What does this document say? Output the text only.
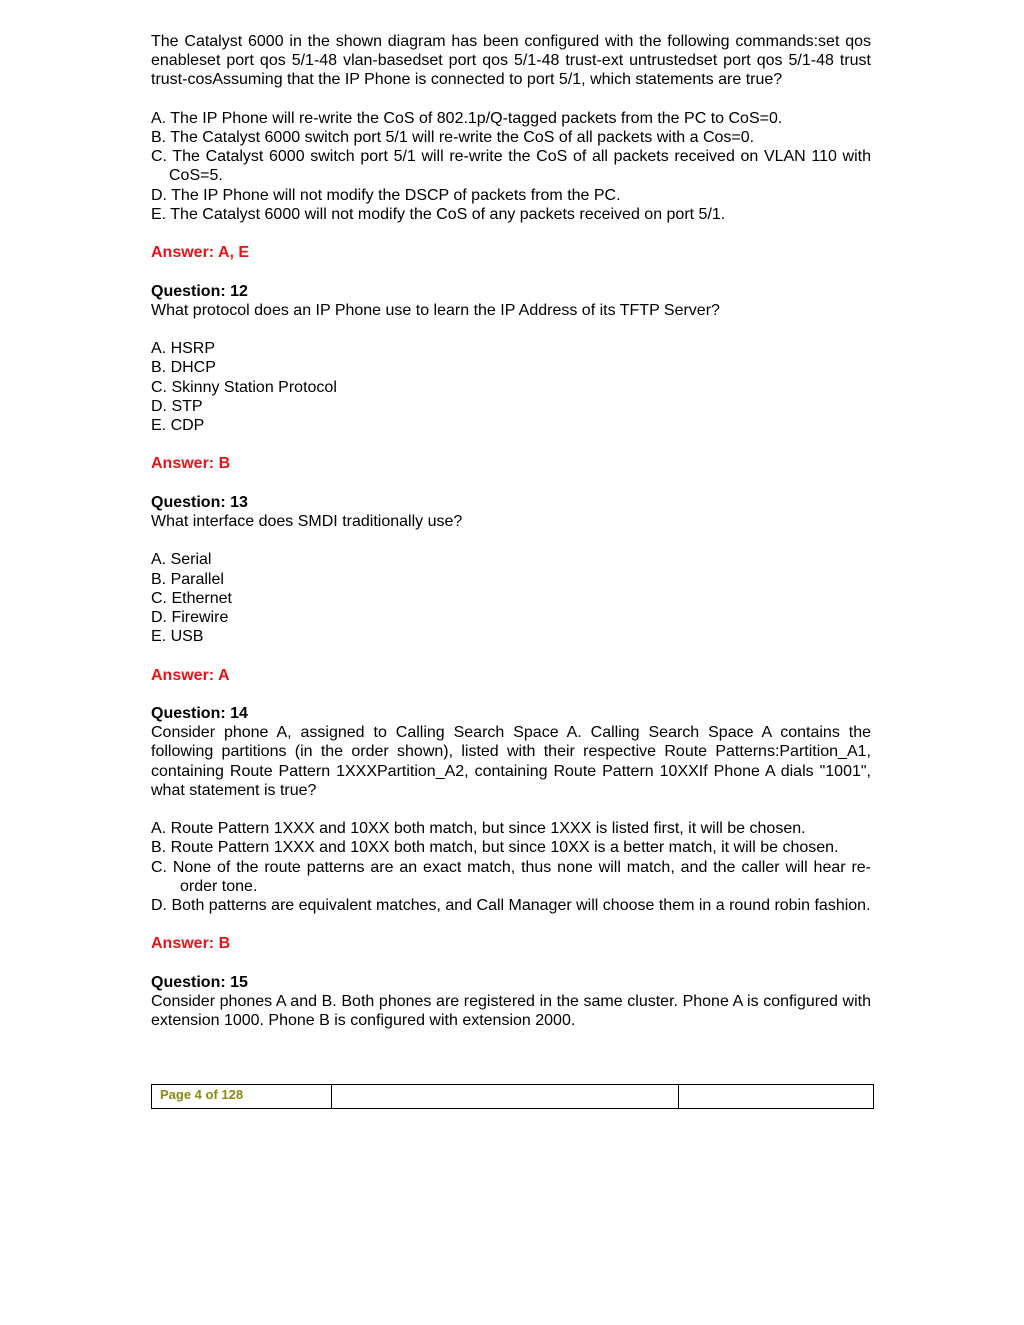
The Catalyst 6000 in the shown diagram has been configured with the following commands:set qos enableset port qos 5/1-48 vlan-basedset port qos 5/1-48 trust-ext untrustedset port qos 5/1-48 trust trust-cosAssuming that the IP Phone is connected to port 5/1, which statements are true?

A. The IP Phone will re-write the CoS of 802.1p/Q-tagged packets from the PC to CoS=0.

B. The Catalyst 6000 switch port 5/1 will re-write the CoS of all packets with a Cos=0.

C. The Catalyst 6000 switch port 5/1 will re-write the CoS of all packets received on VLAN 110 with CoS=5.

D. The IP Phone will not modify the DSCP of packets from the PC.

E. The Catalyst 6000 will not modify the CoS of any packets received on port 5/1.

Answer: A, E

Question: 12

What protocol does an IP Phone use to learn the IP Address of its TFTP Server?

A. HSRP

B. DHCP

C. Skinny Station Protocol

D. STP

E. CDP

Answer: B

Question: 13

What interface does SMDI traditionally use?

A. Serial

B. Parallel

C. Ethernet

D. Firewire

E. USB

Answer: A

Question: 14

Consider phone A, assigned to Calling Search Space A. Calling Search Space A contains the following partitions (in the order shown), listed with their respective Route Patterns:Partition_A1, containing Route Pattern 1XXXPartition_A2, containing Route Pattern 10XXIf Phone A dials "1001", what statement is true?

A. Route Pattern 1XXX and 10XX both match, but since 1XXX is listed first, it will be chosen.

B. Route Pattern 1XXX and 10XX both match, but since 10XX is a better match, it will be chosen.

C. None of the route patterns are an exact match, thus none will match, and the caller will hear re-order tone.

D. Both patterns are equivalent matches, and Call Manager will choose them in a round robin fashion.

Answer: B

Question: 15

Consider phones A and B. Both phones are registered in the same cluster. Phone A is configured with extension 1000. Phone B is configured with extension 2000.

Page 4 of 128
